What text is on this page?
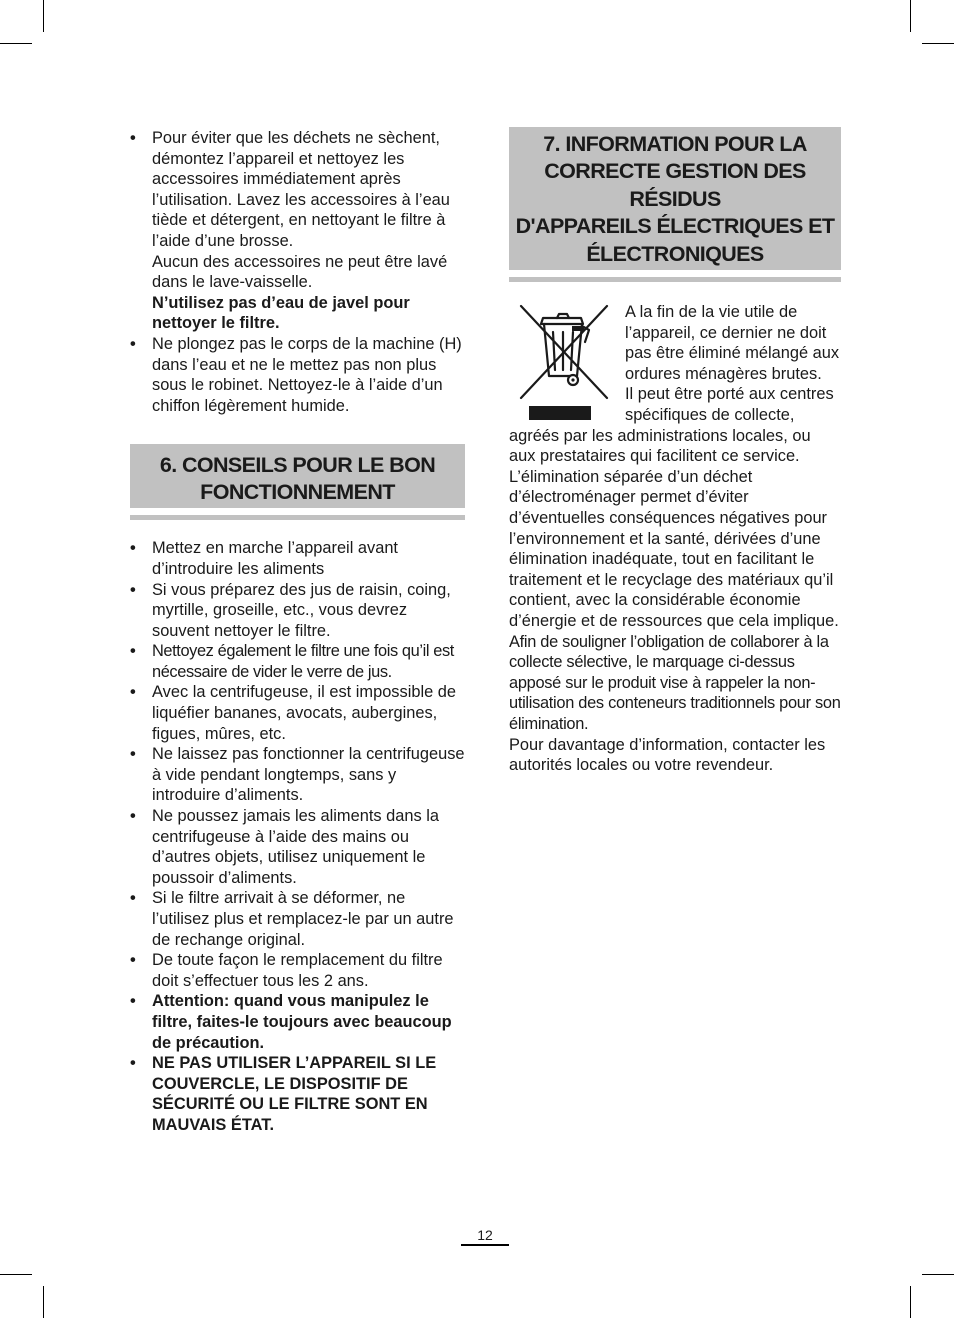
• Pour éviter que les déchets ne sèchent, démontez l’appareil et nettoyez les accessoires immédiatement après l’utilisation. Lavez les accessoires à l’eau tiède et détergent, en nettoyant le filtre à l’aide d’une brosse.
Aucun des accessoires ne peut être lavé dans le lave-vaisselle.
N’utilisez pas d’eau de javel pour nettoyer le filtre.
• Ne plongez pas le corps de la machine (H) dans l’eau et ne le mettez pas non plus sous le robinet. Nettoyez-le à l’aide d’un chiffon légèrement humide.
6. CONSEILS POUR LE BON
FONCTIONNEMENT
• Mettez en marche l’appareil avant d’introduire les aliments
• Si vous préparez des jus de raisin, coing, myrtille, groseille, etc., vous devrez souvent nettoyer le filtre.
• Nettoyez également le filtre une fois qu’il est nécessaire de vider le verre de jus.
• Avec la centrifugeuse, il est impossible de liquéfier bananes, avocats, aubergines, figues, mûres, etc.
• Ne laissez pas fonctionner la centrifugeuse à vide pendant longtemps, sans y introduire d’aliments.
• Ne poussez jamais les aliments dans la centrifugeuse à l’aide des mains ou d’autres objets, utilisez uniquement le poussoir d’aliments.
• Si le filtre arrivait à se déformer, ne l’utilisez plus et remplacez-le par un autre de rechange original.
• De toute façon le remplacement du filtre doit s’effectuer tous les 2 ans.
• Attention: quand vous manipulez le filtre, faites-le toujours avec beaucoup de précaution.
• NE PAS UTILISER L’APPAREIL SI LE COUVERCLE, LE DISPOSITIF DE SÉCURITÉ OU LE FILTRE SONT EN MAUVAIS ÉTAT.
7. INFORMATION POUR LA
CORRECTE GESTION DES RÉSIDUS
D'APPAREILS ÉLECTRIQUES ET
ÉLECTRONIQUES

A la fin de la vie utile de l’appareil, ce dernier ne doit pas être éliminé mélangé aux ordures ménagères brutes.

Il peut être porté aux centres spécifiques de collecte, agréés par les administrations locales, ou aux prestataires qui facilitent ce service.

L’élimination séparée d’un déchet d’électroménager permet d’éviter d’éventuelles conséquences négatives pour l’environnement et la santé, dérivées d’une élimination inadéquate, tout en facilitant le traitement et le recyclage des matériaux qu’il contient, avec la considérable économie d’énergie et de ressources que cela implique.

Afin de souligner l’obligation de collaborer à la collecte sélective, le marquage ci-dessus apposé sur le produit vise à rappeler la non-utilisation des conteneurs traditionnels pour son élimination.

Pour davantage d’information, contacter les autorités locales ou votre revendeur.

12
